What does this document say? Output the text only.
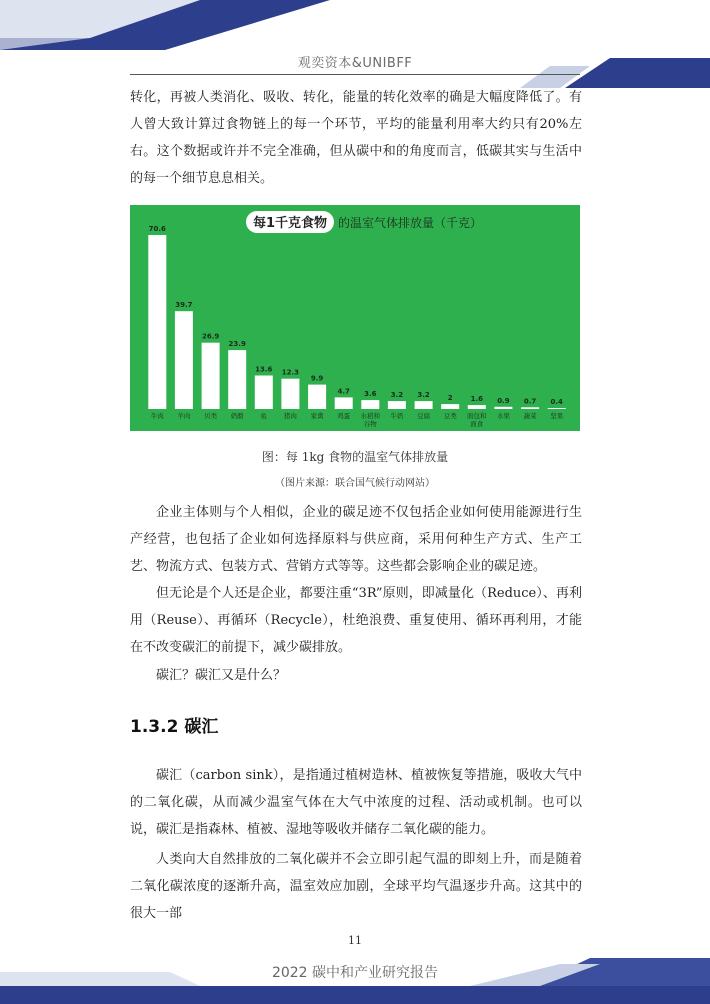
观奕资本&UNIBFF

转化，再被人类消化、吸收、转化，能量的转化效率的确是大幅度降低了。有人曾大致计算过食物链上的每一个环节，平均的能量利用率大约只有20%左右。这个数据或许并不完全准确，但从碳中和的角度而言，低碳其实与生活中的每一个细节息息相关。

每1千克食物 的温室气体排放量（千克）
70.6
牛肉
39.7
羊肉
26.9
贝类
23.9
奶酪
13.6
鱼
12.3
猪肉
9.9
家禽
4.7
鸡蛋
3.6
水稻和
谷物
3.2
牛奶
3.2
豆腐
2
豆类
1.6
面包和
面食
0.9
水果
0.7
蔬菜
0.4
坚果
图：每 1kg 食物的温室气体排放量
（图片来源：联合国气候行动网站）

企业主体则与个人相似，企业的碳足迹不仅包括企业如何使用能源进行生产经营，也包括了企业如何选择原料与供应商，采用何种生产方式、生产工艺、物流方式、包装方式、营销方式等等。这些都会影响企业的碳足迹。

但无论是个人还是企业，都要注重“3R”原则，即减量化（Reduce）、再利用（Reuse）、再循环（Recycle），杜绝浪费、重复使用、循环再利用，才能在不改变碳汇的前提下，减少碳排放。

碳汇？碳汇又是什么？

1.3.2 碳汇

碳汇（carbon sink），是指通过植树造林、植被恢复等措施，吸收大气中的二氧化碳，从而减少温室气体在大气中浓度的过程、活动或机制。也可以说，碳汇是指森林、植被、湿地等吸收并储存二氧化碳的能力。

人类向大自然排放的二氧化碳并不会立即引起气温的即刻上升，而是随着二氧化碳浓度的逐渐升高，温室效应加剧，全球平均气温逐步升高。这其中的很大一部

11
2022 碳中和产业研究报告
